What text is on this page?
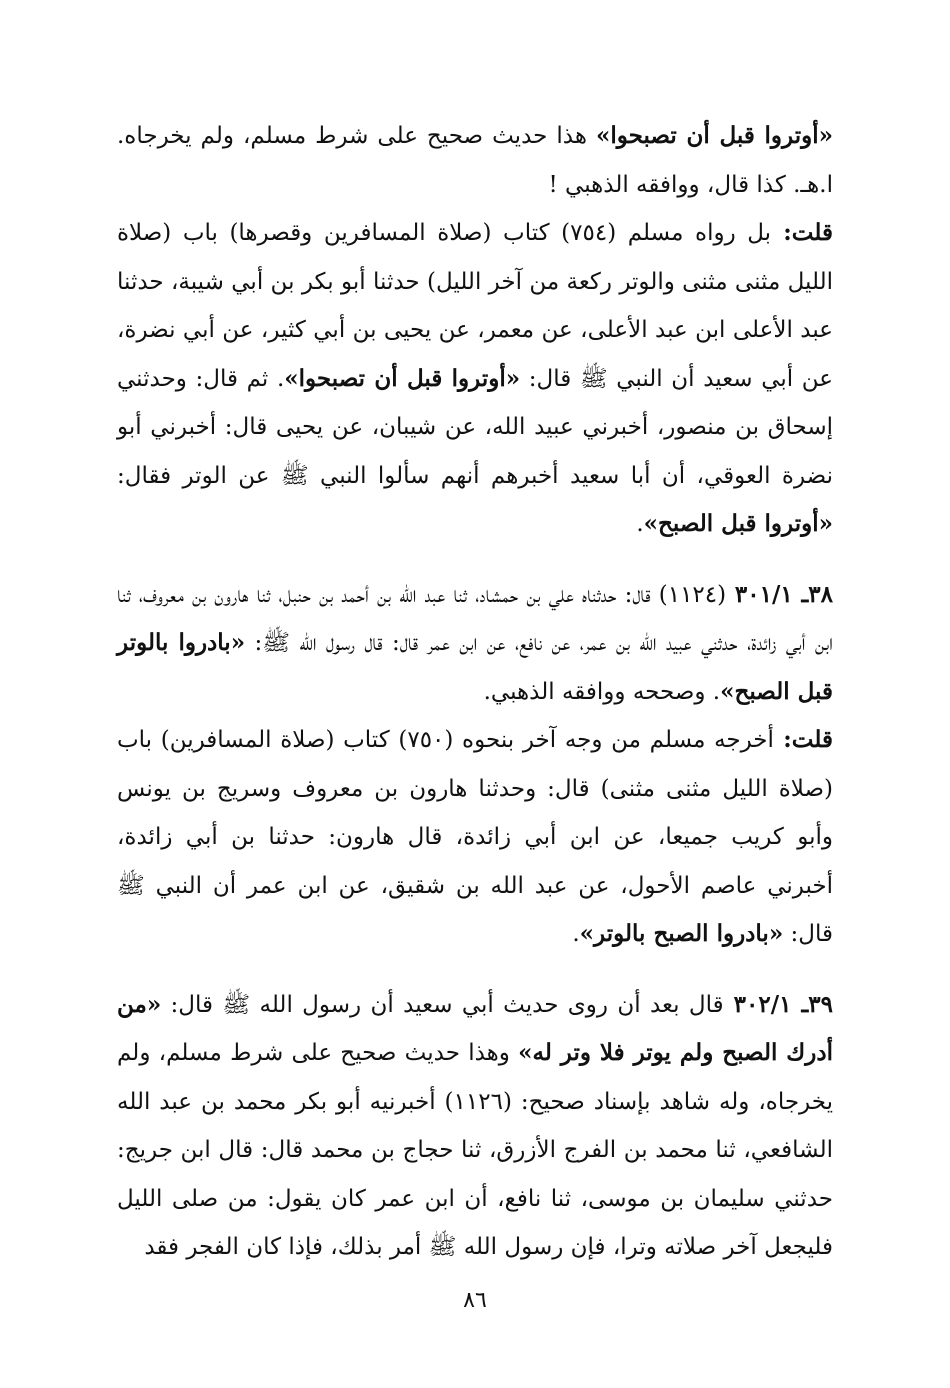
«أوتروا قبل أن تصبحوا» هذا حديث صحيح على شرط مسلم، ولم يخرجاه. ا.هـ. كذا قال، ووافقه الذهبي !

قلت: بل رواه مسلم (٧٥٤) كتاب (صلاة المسافرين وقصرها) باب (صلاة الليل مثنى مثنى والوتر ركعة من آخر الليل) حدثنا أبو بكر بن أبي شيبة، حدثنا عبد الأعلى ابن عبد الأعلى، عن معمر، عن يحيى بن أبي كثير، عن أبي نضرة، عن أبي سعيد أن النبي ﷺ قال: «أوتروا قبل أن تصبحوا». ثم قال: وحدثني إسحاق بن منصور، أخبرني عبيد الله، عن شيبان، عن يحيى قال: أخبرني أبو نضرة العوقي، أن أبا سعيد أخبرهم أنهم سألوا النبي ﷺ عن الوتر فقال: «أوتروا قبل الصبح».

٣٨ـ ٣٠١/١ (١١٢٤) قال: حدثناه علي بن حمشاد، ثنا عبد الله بن أحمد بن حنبل، ثنا هارون بن معروف، ثنا ابن أبي زائدة، حدثني عبيد الله بن عمر، عن نافع، عن ابن عمر قال: قال رسول الله ﷺ: «بادروا بالوتر قبل الصبح». وصححه ووافقه الذهبي.

قلت: أخرجه مسلم من وجه آخر بنحوه (٧٥٠) كتاب (صلاة المسافرين) باب (صلاة الليل مثنى مثنى) قال: وحدثنا هارون بن معروف وسريج بن يونس وأبو كريب جميعا، عن ابن أبي زائدة، قال هارون: حدثنا بن أبي زائدة، أخبرني عاصم الأحول، عن عبد الله بن شقيق، عن ابن عمر أن النبي ﷺ قال: «بادروا الصبح بالوتر».

٣٩ـ ٣٠٢/١ قال بعد أن روى حديث أبي سعيد أن رسول الله ﷺ قال: «من أدرك الصبح ولم يوتر فلا وتر له» وهذا حديث صحيح على شرط مسلم، ولم يخرجاه، وله شاهد بإسناد صحيح: (١١٢٦) أخبرنيه أبو بكر محمد بن عبد الله الشافعي، ثنا محمد بن الفرج الأزرق، ثنا حجاج بن محمد قال: قال ابن جريج: حدثني سليمان بن موسى، ثنا نافع، أن ابن عمر كان يقول: من صلى الليل فليجعل آخر صلاته وترا، فإن رسول الله ﷺ أمر بذلك، فإذا كان الفجر فقد

٨٦
